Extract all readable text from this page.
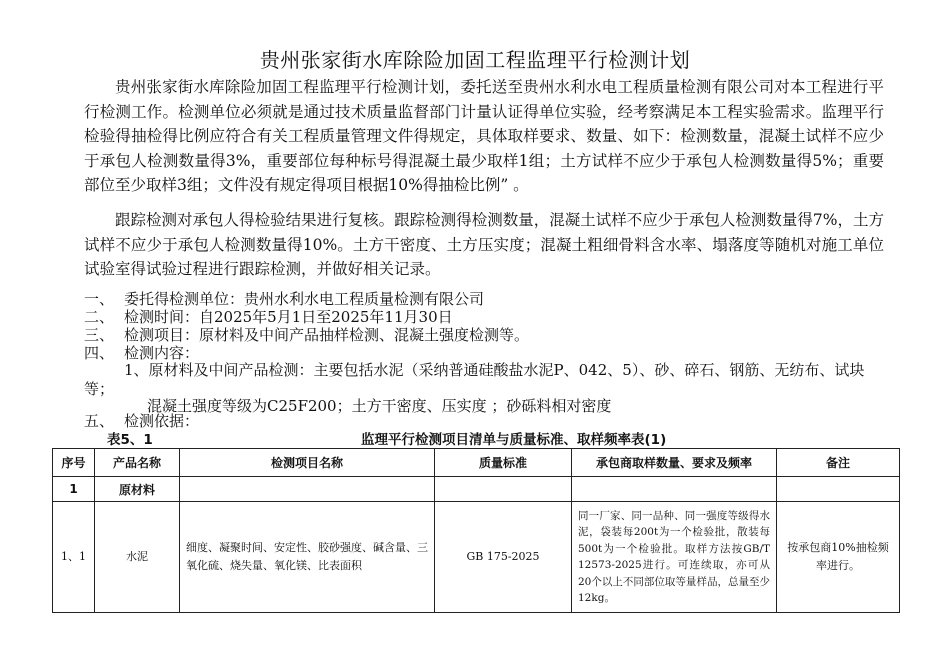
贵州张家街水库除险加固工程监理平行检测计划

贵州张家街水库除险加固工程监理平行检测计划，委托送至贵州水利水电工程质量检测有限公司对本工程进行平行检测工作。检测单位必须就是通过技术质量监督部门计量认证得单位实验，经考察满足本工程实验需求。监理平行检验得抽检得比例应符合有关工程质量管理文件得规定，具体取样要求、数量、如下：检测数量，混凝土试样不应少于承包人检测数量得3%，重要部位每种标号得混凝土最少取样1组；土方试样不应少于承包人检测数量得5%；重要部位至少取样3组；文件没有规定得项目根据10%得抽检比例” 。

跟踪检测对承包人得检验结果进行复核。跟踪检测得检测数量，混凝土试样不应少于承包人检测数量得7%，土方试样不应少于承包人检测数量得10%。土方干密度、土方压实度；混凝土粗细骨料含水率、塌落度等随机对施工单位试验室得试验过程进行跟踪检测，并做好相关记录。

一、 委托得检测单位：贵州水利水电工程质量检测有限公司
二、 检测时间：自2025年5月1日至2025年11月30日
三、 检测项目：原材料及中间产品抽样检测、混凝土强度检测等。
四、 检测内容：
1、原材料及中间产品检测：主要包括水泥（采纳普通硅酸盐水泥P、042、5）、砂、碎石、钢筋、无纺布、试块
等；
混凝土强度等级为C25F200；土方干密度、压实度 ；砂砾料相对密度
五、 检测依据：
表5、1	监理平行检测项目清单与质量标准、取样频率表(1)
序号	产品名称	检测项目名称	质量标准	承包商取样数量、要求及频率	备注
1	原材料				
1、1	水泥	细度、凝聚时间、安定性、胶砂强度、碱含量、三氧化硫、烧失量、氧化镁、比表面积	GB 175-2025	同一厂家、同一品种、同一强度等级得水泥，袋装每200t为一个检验批，散装每500t为一个检验批。取样方法按GB/T 12573-2025进行。可连续取，亦可从20个以上不同部位取等量样品，总量至少12kg。	按承包商10%抽检频率进行。
